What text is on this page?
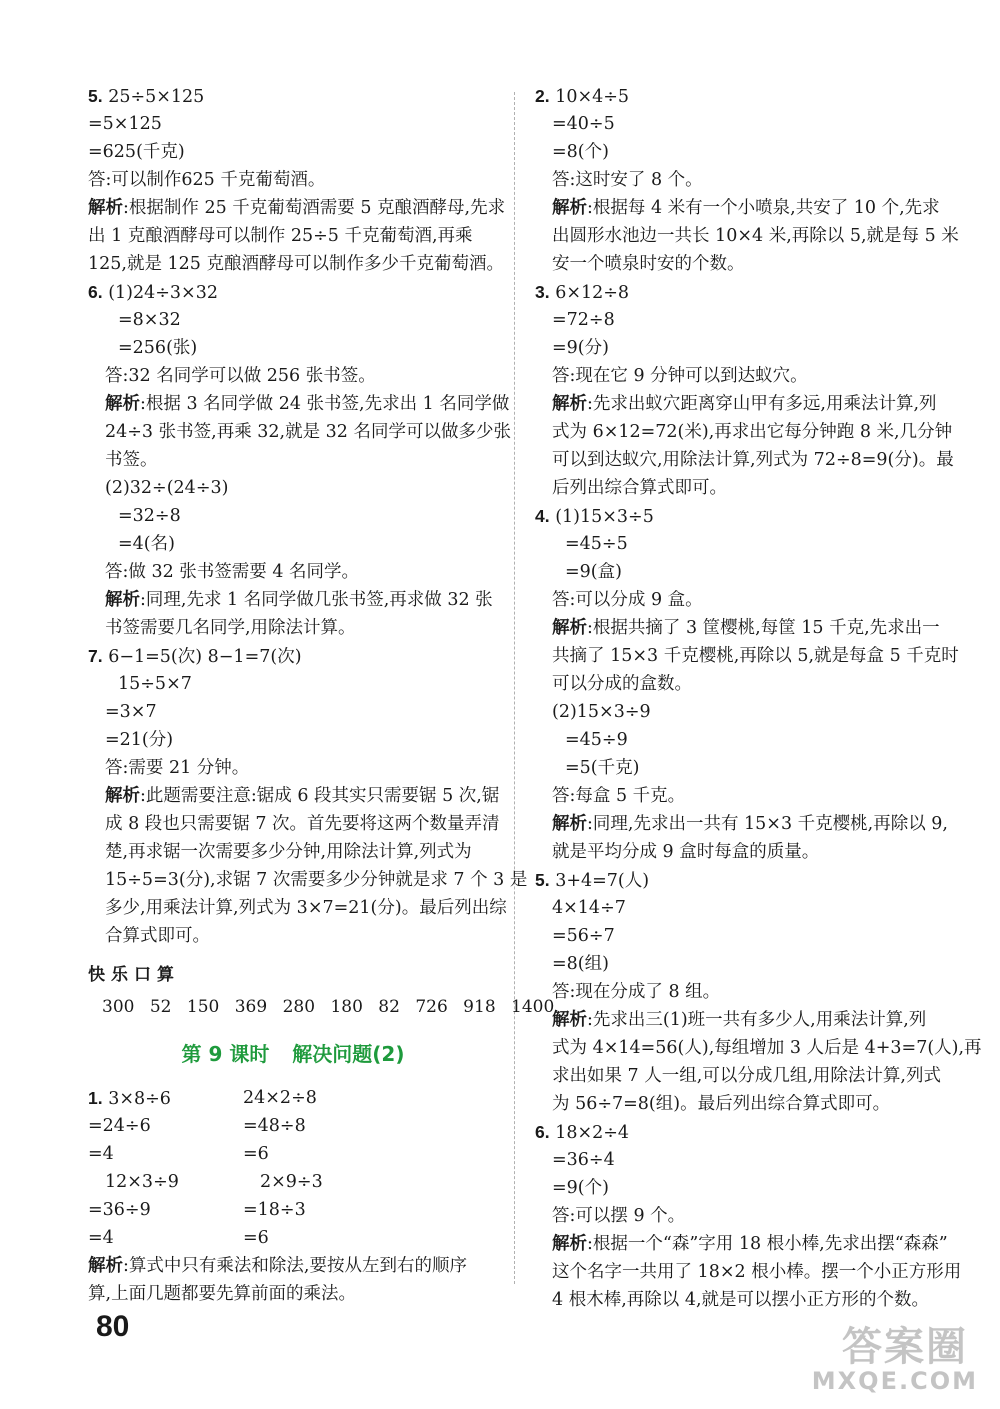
5. 25÷5×125
=5×125
=625(千克)
答:可以制作625 千克葡萄酒。
解析:根据制作 25 千克葡萄酒需要 5 克酿酒酵母,先求
出 1 克酿酒酵母可以制作 25÷5 千克葡萄酒,再乘
125,就是 125 克酿酒酵母可以制作多少千克葡萄酒。
6. (1)24÷3×32
=8×32
=256(张)
答:32 名同学可以做 256 张书签。
解析:根据 3 名同学做 24 张书签,先求出 1 名同学做
24÷3 张书签,再乘 32,就是 32 名同学可以做多少张
书签。
(2)32÷(24÷3)
=32÷8
=4(名)
答:做 32 张书签需要 4 名同学。
解析:同理,先求 1 名同学做几张书签,再求做 32 张
书签需要几名同学,用除法计算。
7. 6−1=5(次) 8−1=7(次)
15÷5×7
=3×7
=21(分)
答:需要 21 分钟。
解析:此题需要注意:锯成 6 段其实只需要锯 5 次,锯
成 8 段也只需要锯 7 次。首先要将这两个数量弄清
楚,再求锯一次需要多少分钟,用除法计算,列式为
15÷5=3(分),求锯 7 次需要多少分钟就是求 7 个 3 是
多少,用乘法计算,列式为 3×7=21(分)。最后列出综
合算式即可。
快乐口算
300 52 150 369 280 180 82 726 918 1400
第 9 课时 解决问题(2)
1. 3×8÷6	24×2÷8
=24÷6	=48÷8
=4	=6
12×3÷9	2×9÷3
=36÷9	=18÷3
=4	=6
解析:算式中只有乘法和除法,要按从左到右的顺序
算,上面几题都要先算前面的乘法。
2. 10×4÷5
=40÷5
=8(个)
答:这时安了 8 个。
解析:根据每 4 米有一个小喷泉,共安了 10 个,先求
出圆形水池边一共长 10×4 米,再除以 5,就是每 5 米
安一个喷泉时安的个数。
3. 6×12÷8
=72÷8
=9(分)
答:现在它 9 分钟可以到达蚁穴。
解析:先求出蚁穴距离穿山甲有多远,用乘法计算,列
式为 6×12=72(米),再求出它每分钟跑 8 米,几分钟
可以到达蚁穴,用除法计算,列式为 72÷8=9(分)。最
后列出综合算式即可。
4. (1)15×3÷5
=45÷5
=9(盒)
答:可以分成 9 盒。
解析:根据共摘了 3 筐樱桃,每筐 15 千克,先求出一
共摘了 15×3 千克樱桃,再除以 5,就是每盒 5 千克时
可以分成的盒数。
(2)15×3÷9
=45÷9
=5(千克)
答:每盒 5 千克。
解析:同理,先求出一共有 15×3 千克樱桃,再除以 9,
就是平均分成 9 盒时每盒的质量。
5. 3+4=7(人)
4×14÷7
=56÷7
=8(组)
答:现在分成了 8 组。
解析:先求出三(1)班一共有多少人,用乘法计算,列
式为 4×14=56(人),每组增加 3 人后是 4+3=7(人),再
求出如果 7 人一组,可以分成几组,用除法计算,列式
为 56÷7=8(组)。最后列出综合算式即可。
6. 18×2÷4
=36÷4
=9(个)
答:可以摆 9 个。
解析:根据一个“森”字用 18 根小棒,先求出摆“森森”
这个名字一共用了 18×2 根小棒。摆一个小正方形用
4 根木棒,再除以 4,就是可以摆小正方形的个数。
80	答案圈
MXQE.COM
